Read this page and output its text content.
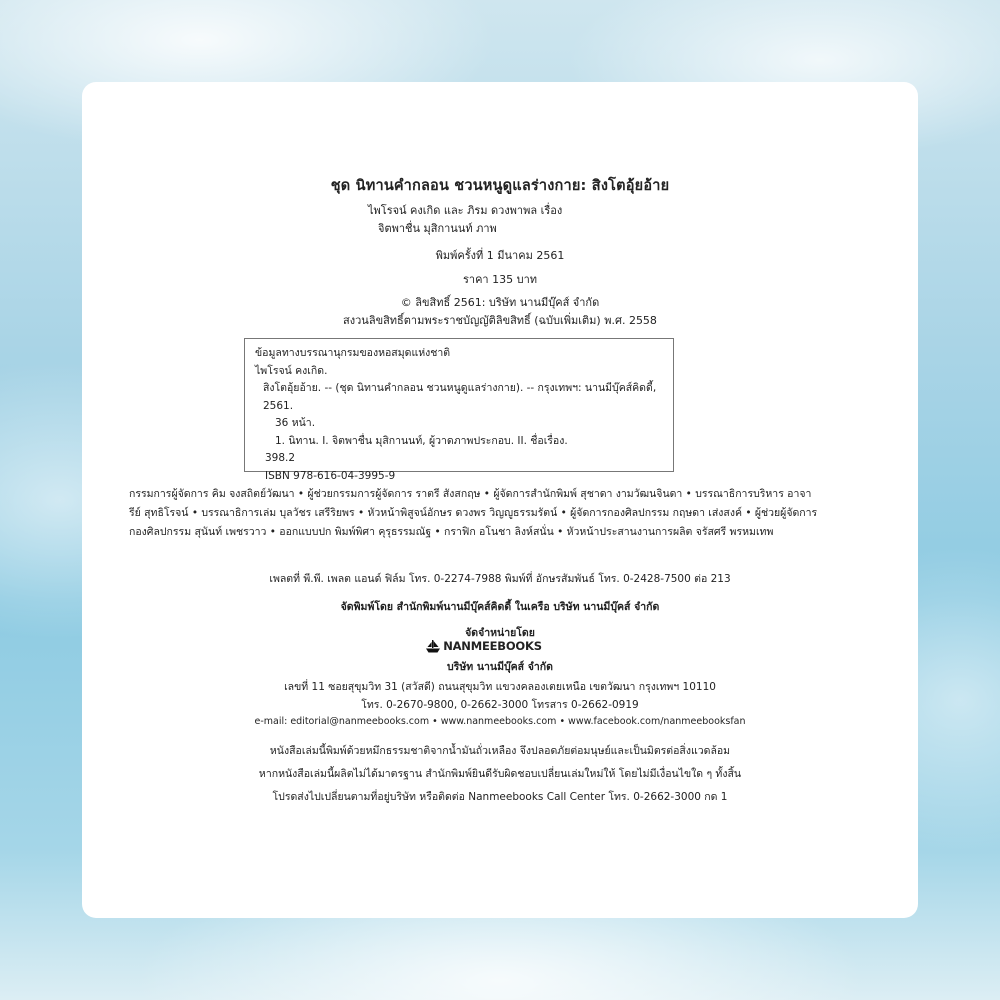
ชุด นิทานคำกลอน ชวนหนูดูแลร่างกาย: สิงโตอุ้ยอ้าย
ไพโรจน์ คงเกิด และ ภิรม ดวงพาพล เรื่อง
จิตพาชื่น มุสิกานนท์ ภาพ
พิมพ์ครั้งที่ 1 มีนาคม 2561
ราคา 135 บาท
© ลิขสิทธิ์ 2561: บริษัท นานมีบุ๊คส์ จำกัด
สงวนลิขสิทธิ์ตามพระราชบัญญัติลิขสิทธิ์ (ฉบับเพิ่มเติม) พ.ศ. 2558
ข้อมูลทางบรรณานุกรมของหอสมุดแห่งชาติ
ไพโรจน์ คงเกิด.
สิงโตอุ้ยอ้าย. -- (ชุด นิทานคำกลอน ชวนหนูดูแลร่างกาย). -- กรุงเทพฯ: นานมีบุ๊คส์คิดดี้, 2561.
36 หน้า.
1. นิทาน. I. จิตพาชื่น มุสิกานนท์, ผู้วาดภาพประกอบ. II. ชื่อเรื่อง.
398.2
ISBN 978-616-04-3995-9
กรรมการผู้จัดการ คิม จงสถิตย์วัฒนา • ผู้ช่วยกรรมการผู้จัดการ ราตรี สังสกฤษ • ผู้จัดการสำนักพิมพ์ สุชาดา งามวัฒนจินดา • บรรณาธิการบริหาร อาจารีย์ สุทธิโรจน์ • บรรณาธิการเล่ม บุลวัชร เสรีริยพร • หัวหน้าพิสูจน์อักษร ดวงพร วิญญูธรรมรัตน์ • ผู้จัดการกองศิลปกรรม กฤษดา เส่งสงค์ • ผู้ช่วยผู้จัดการกองศิลปกรรม สุนันท์ เพชรวาว • ออกแบบปก พิมพ์พิศา คุรุธรรมณัฐ • กราฟิก อโนชา ลิงห์สนั่น • หัวหน้าประสานงานการผลิต จรัสศรี พรหมเทพ
เพลตที่ พี.พี. เพลต แอนด์ ฟิล์ม โทร. 0-2274-7988 พิมพ์ที่ อักษรสัมพันธ์ โทร. 0-2428-7500 ต่อ 213
จัดพิมพ์โดย สำนักพิมพ์นานมีบุ๊คส์คิดดี้ ในเครือ บริษัท นานมีบุ๊คส์ จำกัด
จัดจำหน่ายโดย
NANMEEBOOKS
บริษัท นานมีบุ๊คส์ จำกัด
เลขที่ 11 ซอยสุขุมวิท 31 (สวัสดี) ถนนสุขุมวิท แขวงคลองเตยเหนือ เขตวัฒนา กรุงเทพฯ 10110
โทร. 0-2670-9800, 0-2662-3000 โทรสาร 0-2662-0919
e-mail: editorial@nanmeebooks.com • www.nanmeebooks.com • www.facebook.com/nanmeebooksfan
หนังสือเล่มนี้พิมพ์ด้วยหมึกธรรมชาติจากน้ำมันถั่วเหลือง จึงปลอดภัยต่อมนุษย์และเป็นมิตรต่อสิ่งแวดล้อม
หากหนังสือเล่มนี้ผลิตไม่ได้มาตรฐาน สำนักพิมพ์ยินดีรับผิดชอบเปลี่ยนเล่มใหม่ให้ โดยไม่มีเงื่อนไขใด ๆ ทั้งสิ้น
โปรดส่งไปเปลี่ยนตามที่อยู่บริษัท หรือติดต่อ Nanmeebooks Call Center โทร. 0-2662-3000 กด 1
